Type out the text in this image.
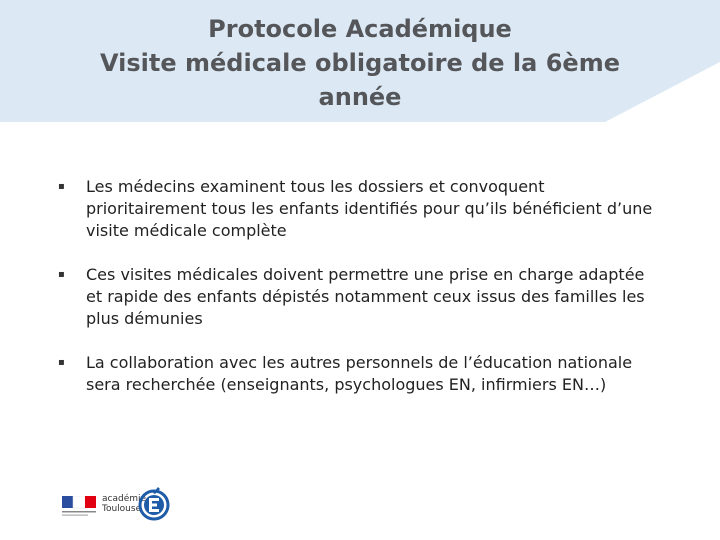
Protocole Académique
Visite médicale obligatoire de la 6ème
année
▪ Les médecins examinent tous les dossiers et convoquent prioritairement tous les enfants identifiés pour qu’ils bénéficient d’une visite médicale complète
▪ Ces visites médicales doivent permettre une prise en charge adaptée et rapide des enfants dépistés notamment ceux issus des familles les plus démunies
▪ La collaboration avec les autres personnels de l’éducation nationale sera recherchée (enseignants, psychologues EN, infirmiers EN…)
académie
Toulouse
